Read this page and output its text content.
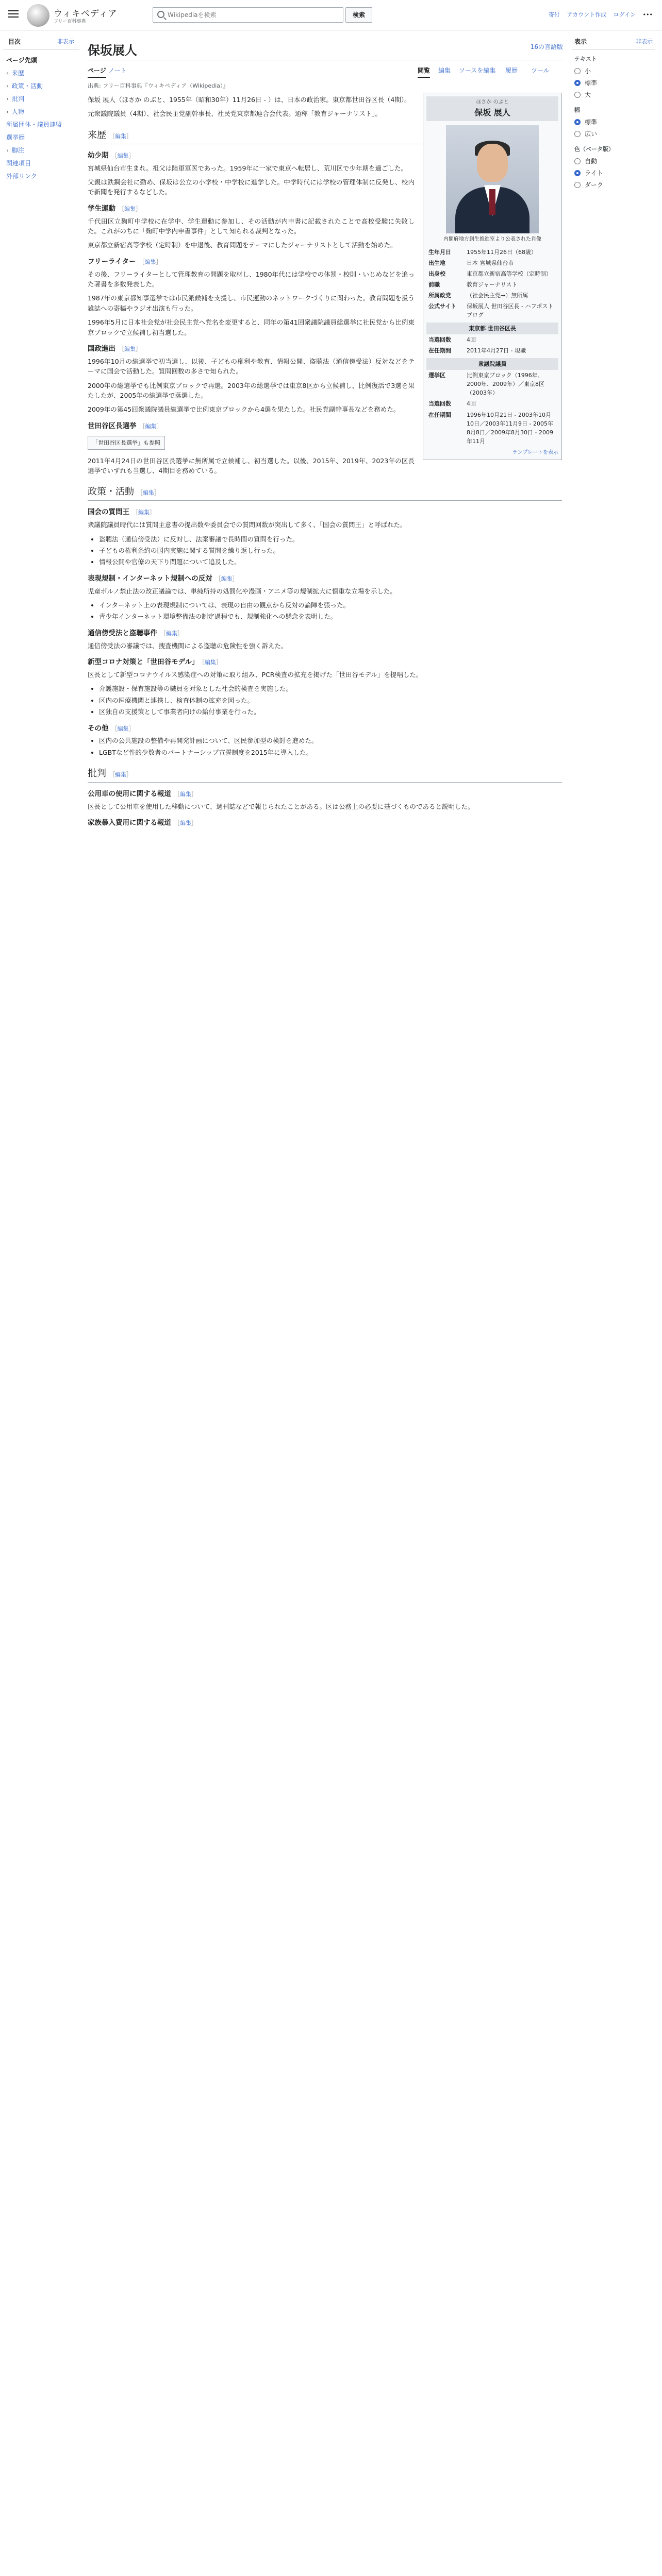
ウィキペディア
フリー百科事典
Wikipediaを検索
検索	寄付 アカウント作成 ログイン •••
目次	非表示
ページ先頭
› 来歴
› 政策・活動
› 批判
› 人物
所属団体・議員連盟
選挙歴
› 脚注
関連項目
外部リンク
保坂展人	16の言語版
ページ ノート	閲覧 編集 ソースを編集 履歴 ツール
出典: フリー百科事典『ウィキペディア（Wikipedia）』
ほさか のぶと
保坂 展人
内閣府地方創生推進室より公表された肖像
生年月日	1955年11月26日（68歳）
出生地	日本 宮城県仙台市
出身校	東京都立新宿高等学校（定時制）
前職	教育ジャーナリスト
所属政党	（社会民主党→）無所属
公式サイト	保坂展人 世田谷区長 - ハフポスト ブログ
東京都 世田谷区長
当選回数	4回
在任期間	2011年4月27日 - 現職
衆議院議員
選挙区	比例東京ブロック（1996年、2000年、2009年）／東京8区（2003年）
当選回数	4回
在任期間	1996年10月21日 - 2003年10月10日／2003年11月9日 - 2005年8月8日／2009年8月30日 - 2009年11月
テンプレートを表示

保坂 展人（ほさか のぶと、1955年（昭和30年）11月26日 - ）は、日本の政治家。東京都世田谷区長（4期）。

元衆議院議員（4期）、社会民主党副幹事長、社民党東京都連合会代表。通称「教育ジャーナリスト」。

来歴 ［編集］
幼少期 ［編集］

宮城県仙台市生まれ。祖父は陸軍軍医であった。1959年に一家で東京へ転居し、荒川区で少年期を過ごした。

父親は鉄鋼会社に勤め、保坂は公立の小学校・中学校に進学した。中学時代には学校の管理体制に反発し、校内で新聞を発行するなどした。

学生運動 ［編集］

千代田区立麹町中学校に在学中、学生運動に参加し、その活動が内申書に記載されたことで高校受験に失敗した。これがのちに「麹町中学内申書事件」として知られる裁判となった。

東京都立新宿高等学校（定時制）を中退後、教育問題をテーマにしたジャーナリストとして活動を始めた。

フリーライター ［編集］

その後、フリーライターとして管理教育の問題を取材し、1980年代には学校での体罰・校則・いじめなどを追った著書を多数発表した。

1987年の東京都知事選挙では市民派候補を支援し、市民運動のネットワークづくりに関わった。教育問題を扱う雑誌への寄稿やラジオ出演も行った。

1996年5月に日本社会党が社会民主党へ党名を変更すると、同年の第41回衆議院議員総選挙に社民党から比例東京ブロックで立候補し初当選した。

国政進出 ［編集］

1996年10月の総選挙で初当選し、以後、子どもの権利や教育、情報公開、盗聴法（通信傍受法）反対などをテーマに国会で活動した。質問回数の多さで知られた。

2000年の総選挙でも比例東京ブロックで再選。2003年の総選挙では東京8区から立候補し、比例復活で3選を果たしたが、2005年の総選挙で落選した。

2009年の第45回衆議院議員総選挙で比例東京ブロックから4選を果たした。社民党副幹事長などを務めた。

世田谷区長選挙 ［編集］
「世田谷区長選挙」も参照

2011年4月24日の世田谷区長選挙に無所属で立候補し、初当選した。以後、2015年、2019年、2023年の区長選挙でいずれも当選し、4期目を務めている。

政策・活動 ［編集］
国会の質問王 ［編集］

衆議院議員時代には質問主意書の提出数や委員会での質問回数が突出して多く、「国会の質問王」と呼ばれた。

• 盗聴法（通信傍受法）に反対し、法案審議で長時間の質問を行った。
• 子どもの権利条約の国内実施に関する質問を繰り返し行った。
• 情報公開や官僚の天下り問題について追及した。
表現規制・インターネット規制への反対 ［編集］

児童ポルノ禁止法の改正議論では、単純所持の処罰化や漫画・アニメ等の規制拡大に慎重な立場を示した。

• インターネット上の表現規制については、表現の自由の観点から反対の論陣を張った。
• 青少年インターネット環境整備法の制定過程でも、規制強化への懸念を表明した。
通信傍受法と盗聴事件 ［編集］

通信傍受法の審議では、捜査機関による盗聴の危険性を強く訴えた。

新型コロナ対策と「世田谷モデル」 ［編集］

区長として新型コロナウイルス感染症への対策に取り組み、PCR検査の拡充を掲げた「世田谷モデル」を提唱した。

• 介護施設・保育施設等の職員を対象とした社会的検査を実施した。
• 区内の医療機関と連携し、検査体制の拡充を図った。
• 区独自の支援策として事業者向けの給付事業を行った。
その他 ［編集］
• 区内の公共施設の整備や再開発計画について、区民参加型の検討を進めた。
• LGBTなど性的少数者のパートナーシップ宣誓制度を2015年に導入した。
批判 ［編集］
公用車の使用に関する報道 ［編集］

区長として公用車を使用した移動について、週刊誌などで報じられたことがある。区は公務上の必要に基づくものであると説明した。

家族暴入費用に関する報道 ［編集］
表示	非表示
テキスト
小
標準
大
幅
標準
広い
色（ベータ版）
自動
ライト
ダーク
